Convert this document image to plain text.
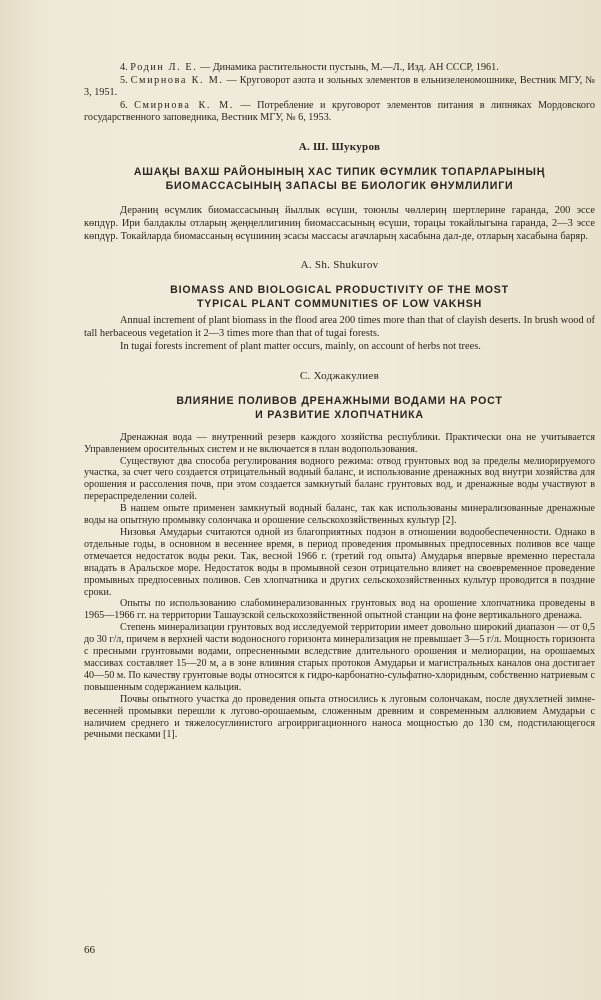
4. Родин Л. Е. — Динамика растительности пустынь, М.—Л., Изд. АН СССР, 1961.

5. Смирнова К. М. — Круговорот азота и зольных элементов в ельнизеленомошнике, Вестник МГУ, № 3, 1951.

6. Смирнова К. М. — Потребление и круговорот элементов питания в липняках Мордовского государственного заповедника, Вестник МГУ, № 6, 1953.

А. Ш. Шукуров
АШАҚЫ ВАХШ РАЙОНЫНЫҢ ХАС ТИПИК ӨСҮМЛИК ТОПАРЛАРЫНЫҢ
БИОМАССАСЫНЫҢ ЗАПАСЫ ВЕ БИОЛОГИК ӨНУМЛИЛИГИ

Дерәниң өсүмлик биомассасыныӊ йыллык өсүши, тоюнлы чөллериӊ шертлерине гаранда, 200 эссе көпдүр. Ири балдаклы отларыӊ җеңңеллигиниӊ биомассасыныӊ өсүши, торацы токайлыгына гаранда, 2—3 эссе көпдүр. Токайларда биомассаныӊ өсүшиниӊ эсасы массасы агачларыӊ хасабына дал-де, отларыӊ хасабына баряр.

A. Sh. Shukurov
BIOMASS AND BIOLOGICAL PRODUCTIVITY OF THE MOST
TYPICAL PLANT COMMUNITIES OF LOW VAKHSH

Annual increment of plant biomass in the flood area 200 times more than that of clayish deserts. In brush wood of tall herbaceous vegetation it 2—3 times more than that of tugai forests.

In tugai forests increment of plant matter occurs, mainly, on account of herbs not trees.

С. Ходжакулиев
ВЛИЯНИЕ ПОЛИВОВ ДРЕНАЖНЫМИ ВОДАМИ НА РОСТ
И РАЗВИТИЕ ХЛОПЧАТНИКА

Дренажная вода — внутренний резерв каждого хозяйства республики. Практически она не учитывается Управлением оросительных систем и не включается в план водопользования.

Существуют два способа регулирования водного режима: отвод грунтовых вод за пределы мелиорируемого участка, за счет чего создается отрицательный водный баланс, и использование дренажных вод внутри хозяйства для орошения и рассоления почв, при этом создается замкнутый баланс грунтовых вод, и дренажные воды участвуют в перераспределении солей.

В нашем опыте применен замкнутый водный баланс, так как использованы минерализованные дренажные воды на опытную промывку солончака и орошение сельскохозяйственных культур [2].

Низовья Амударьи считаются одной из благоприятных подзон в отношении водообеспеченности. Однако в отдельные годы, в основном в весеннее время, в период проведения промывных предпосевных поливов все чаще отмечается недостаток воды реки. Так, весной 1966 г. (третий год опыта) Амударья впервые временно перестала впадать в Аральское море. Недостаток воды в промывной сезон отрицательно влияет на своевременное проведение промывных предпосевных поливов. Сев хлопчатника и других сельскохозяйственных культур проводится в поздние сроки.

Опыты по использованию слабоминерализованных грунтовых вод на орошение хлопчатника проведены в 1965—1966 гг. на территории Ташаузской сельскохозяйственной опытной станции на фоне вертикального дренажа.

Степень минерализации грунтовых вод исследуемой территории имеет довольно широкий диапазон — от 0,5 до 30 г/л, причем в верхней части водоносного горизонта минерализация не превышает 3—5 г/л. Мощность горизонта с пресными грунтовыми водами, опресненными вследствие длительного орошения и мелиорации, на орошаемых массивах составляет 15—20 м, а в зоне влияния старых протоков Амударьи и магистральных каналов она достигает 40—50 м. По качеству грунтовые воды относятся к гидро-карбонатно-сульфатно-хлоридным, собственно натриевым с повышенным содержанием кальция.

Почвы опытного участка до проведения опыта относились к луговым солончакам, после двухлетней зимне-весенней промывки перешли к лугово-орошаемым, сложенным древним и современным аллювием Амударьи с наличием среднего и тяжелосуглинистого агроирригационного наноса мощностью до 130 см, подстилающегося речными песками [1].

66
